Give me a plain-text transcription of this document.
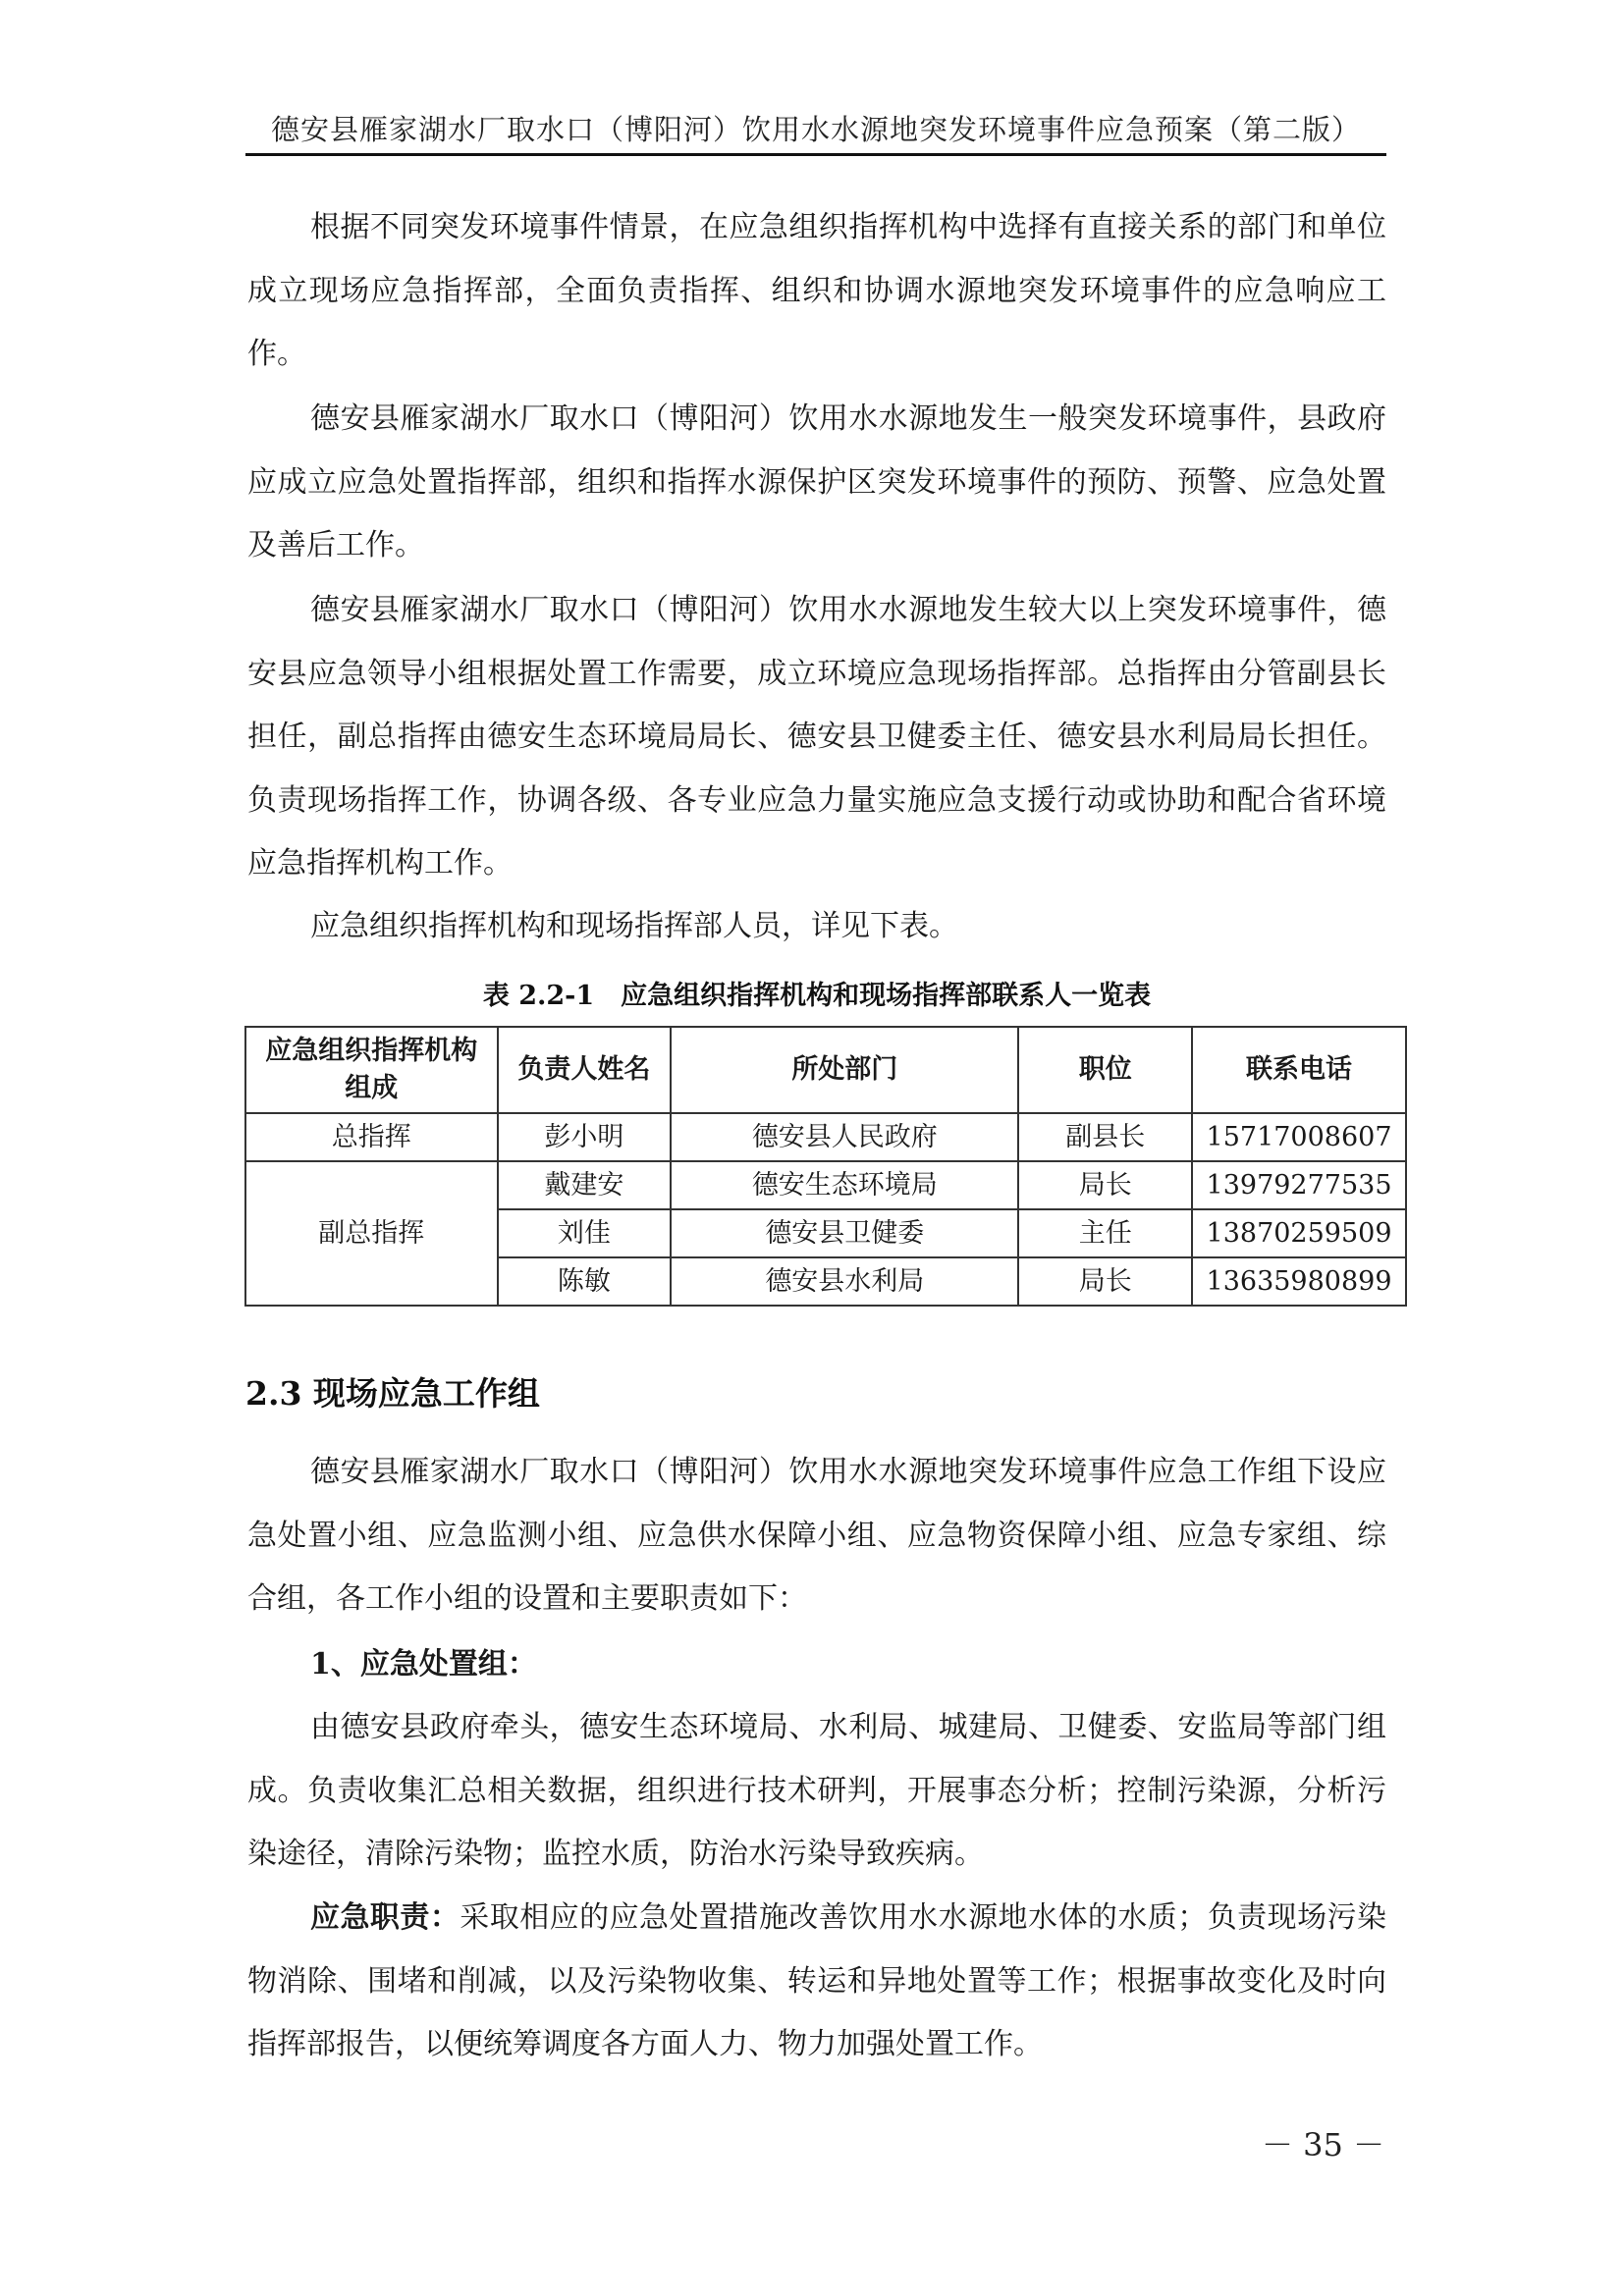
德安县雁家湖水厂取水口（博阳河）饮用水水源地突发环境事件应急预案（第二版）

根据不同突发环境事件情景，在应急组织指挥机构中选择有直接关系的部门和单位成立现场应急指挥部，全面负责指挥、组织和协调水源地突发环境事件的应急响应工作。

德安县雁家湖水厂取水口（博阳河）饮用水水源地发生一般突发环境事件，县政府应成立应急处置指挥部，组织和指挥水源保护区突发环境事件的预防、预警、应急处置及善后工作。

德安县雁家湖水厂取水口（博阳河）饮用水水源地发生较大以上突发环境事件，德安县应急领导小组根据处置工作需要，成立环境应急现场指挥部。总指挥由分管副县长担任，副总指挥由德安生态环境局局长、德安县卫健委主任、德安县水利局局长担任。负责现场指挥工作，协调各级、各专业应急力量实施应急支援行动或协助和配合省环境应急指挥机构工作。

应急组织指挥机构和现场指挥部人员，详见下表。

表 2.2-1　应急组织指挥机构和现场指挥部联系人一览表
应急组织指挥机构组成	负责人姓名	所处部门	职位	联系电话
总指挥	彭小明	德安县人民政府	副县长	15717008607
副总指挥	戴建安	德安生态环境局	局长	13979277535
	刘佳	德安县卫健委	主任	13870259509
	陈敏	德安县水利局	局长	13635980899
2.3 现场应急工作组

德安县雁家湖水厂取水口（博阳河）饮用水水源地突发环境事件应急工作组下设应急处置小组、应急监测小组、应急供水保障小组、应急物资保障小组、应急专家组、综合组，各工作小组的设置和主要职责如下：

1、应急处置组：

由德安县政府牵头，德安生态环境局、水利局、城建局、卫健委、安监局等部门组成。负责收集汇总相关数据，组织进行技术研判，开展事态分析；控制污染源，分析污染途径，清除污染物；监控水质，防治水污染导致疾病。

应急职责：采取相应的应急处置措施改善饮用水水源地水体的水质；负责现场污染物消除、围堵和削减，以及污染物收集、转运和异地处置等工作；根据事故变化及时向指挥部报告，以便统筹调度各方面人力、物力加强处置工作。

－ 35 －
